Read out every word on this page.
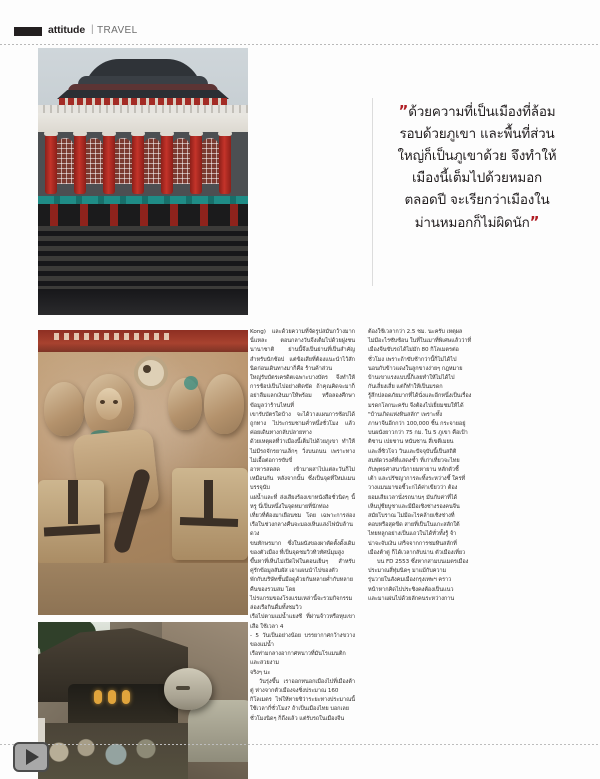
attitude | TRAVEL
”ด้วยความที่เป็นเมืองที่ล้อม
รอบด้วยภูเขา และพื้นที่ส่วน
ใหญ่ก็เป็นภูเขาด้วย จึงทำให้
เมืองนี้เต็มไปด้วยหมอก
ตลอดปี จะเรียกว่าเมืองใน
ม่านหมอกก็ไม่ผิดนัก”

Kong) และด้วยความที่จัดรูปสมันกว้างมาก นี่แหละ ตอนกลางวันจึงเต็มไปด้วยฝูงชน นานาชาติ ย่านนี้จึงเป็นย่านที่เป็นสำคัญสำหรับนักช้อป แต่ข้อเสียที่ต้องแนะนำไว้สักนิดก่อนเดินทางมาก็คือ ร้านค้าส่วน

ใหญ่รับบัตรเครดิตเฉพาะบางบัตร จึงทำให้การช้อปเป็นไปอย่างติดขัด ถ้าคุณคิดจะมาก็อย่าลืมแลกเงินมาให้พร้อม หรือลองศึกษาข้อมูลว่าร้านไหนที่

เขารับบัตรใดบ้าง จะได้วางแผนการช้อปได้ถูกทาง ไประกรมชามค่ำหนึ่งชั่วโมง แล้วค่อยเดินทางกลับปลายทาง

ด้วยเหตุผลที่ว่าเมืองนี้เต็มไปด้วยภูเขา ทำให้ไม่มีรถจักรยานเล็กๆ วิ่งบนถนน เพราะทางไม่เอื้อต่อการขับขี่

อาหารสดสด เข้ามาผสาไปแต่ละวันก็ไม่เหมือนกัน หลังจากนั้น ซึ่งเป็นจุดที่ใหม่แมนบรรจุนับ

แผ่น้ำและที่ ส่งเสียงร้องเขาหนังสือชั่วนิดๆ นี้หรู นี่เป็นหนึ่งในจุดหมายที่นักท่อง

เที่ยวที่ต้องมาเยือนชม โดย เฉพาะการล่องเรือในช่วงกลางคืนจะมองเห็นแสงไฟนับล้านดวง

ขนทักษรมาก ซึ่งในผนังของผาตัดตั้งดั้งเดิมของตัวเมือง ที่เป็นจุดชมวิวทิวทัศน์มุมสูง

ขึ้นหาที่เห็นไม่เปิดไฟในตอนเย็นๆ สำหรับคู่รักข้อมูลสัมผัส เอาแผนนำไปของตัว

พักกับบริษัทชั้นมือดูด้วยกันหลายค่ำกับหลายคืนของรวมสม โดย

ไปรแกรมของโรงแรมเหล่านี้จะรวมกิจกรรมล่องเรือกินดื่มทั้งชมวิว

เรือไปตามแม่น้ำแยงซี ที่ผ่านจ้าวหรือหุบเขาเสือ ใช้เวลา 4

- 5 วันเป็นอย่างน้อย บรรยากาศกว้างขวางของแม่น้ำ

เรือท่ามกลางอากาศหนาวที่มันโรแมนติกและสวยงาม

จริงๆ นะ

วันรุ่งขึ้น เราออกทนอกเมืองไปที่เมืองต้าตู่ ห่างจากตัวเมืองจงชิ่งประมาณ 160

กิโลเมตร ไฟให้ทายซิว่าระยะทางประมาณนี้ใช้เวลากี่ชั่วโมง? ถ้าเป็นเมืองไทย บอกเลย

ชั่วโมงนิดๆ ก็ถึงแล้ว แต่รับรถในเมืองจีน

ต้องใช้เวลากว่า 2.5 ชม. นะครับ เหตุผล

ไม่มีอะไรซับซ้อน ในที่ในเมาที่พิเศษแล้วว่าที่

เมืองจีนขับรถได้ไม่มัก 80 กิโลเมตรต่อ

ชั่วโมง เพราะถ้าขับช้ากว่านี้ก็ไม่ได้ไป

นอนกับข้าวแดงในลูกขางง่ายๆ กฎหมาย

บ้านเขาแรงแบบนี้ก็เลยทำให้ไม่ได้ไป

กันเสี่ยงเสี่ย แต่ก็ทำให้เป็นมรดก

รู้สึกปลอดภัยมากที่ได้นั่งและอีกหนึ่งเป็นเรื่อง

มรดกโลกนะครับ จึงต้องไปเยี่ยมชมให้ได้

"บ้านเกิดแห่งหินสลัก" เพราะทั้ง

ภาษาจีนอีกกว่า 100,000 ชิ้น กระจายอยู่

บนผนังยาวกว่า 75 กม. ใน 5 ภูเขา คือเป้า

ติซาน เปยชาน หนันชาน สี่เขตีเมยน

และลี่ซิวโจว วินและปัจจุบันนี้เป็นสถิติ

สมพัดวรงค์ที่แสดงซ้ำ ที่เก่าเที่ยวจะไทย

กับพุทธศาสนานิกายมหายาน หลักตัวชี้

เต้า และปรัชญาการละทิ้งระหว่างชี้ ใครที่

วางแมนมาขอชี้วะกได้ค่าเขียวว่า ต้อง

ยอมเสียเวลานั่งรถนานๆ มันกับค่าที่ได้

เห็นปูชียบูชาและมีมือเชิงช่างรองคนจีน

สมัยโบราณ ไม่มีอะไรคล้ายเชิงช่างที่

คอบหรือสุดขีด สายที่เป็นในแกะสลักใต้

ไทยหลูกอย่างเป็นแถวในได้ทั่วทั้งรู้ จ้า

น่าจะจับเงิน เสร็จจากการชมหินสลักที่

เมืองต้าตู่ ก็ได้เวลากลับน่าน ตัวเมืองเที่ยว

บน FD 2553 ซึ่งหากสามบนเมตรเมือง

ประมาณสี่ทุ่มนิดๆ มาแม้กับความ

รุ่นวายในสังคมเมืองกรุงเทพฯ คราว

หน้าหากคิดไปประชิงคงต้องเป็นแนว

และมาแผ่นไปด้วยลักคนระหว่างกาน
